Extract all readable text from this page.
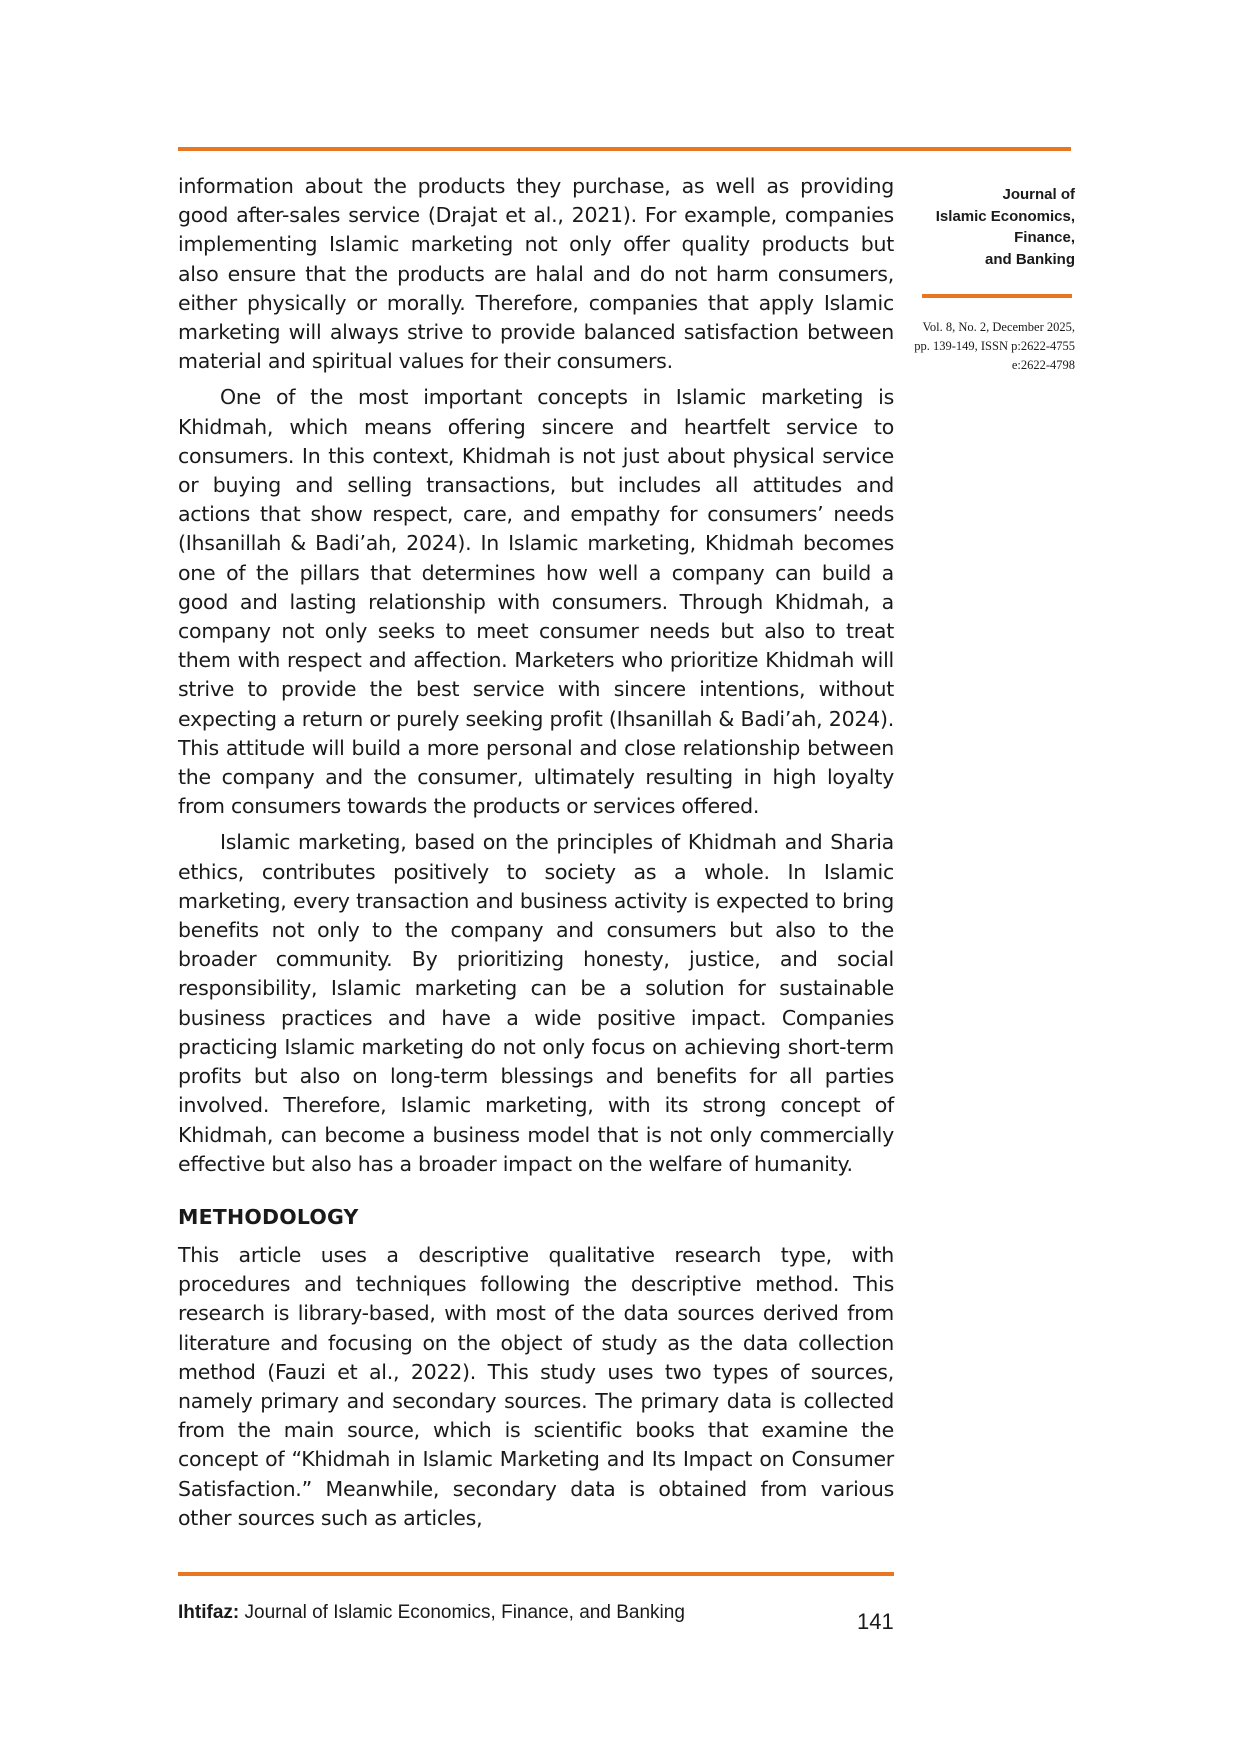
information about the products they purchase, as well as providing good after-sales service (Drajat et al., 2021). For example, companies implementing Islamic marketing not only offer quality products but also ensure that the products are halal and do not harm consumers, either physically or morally. Therefore, companies that apply Islamic marketing will always strive to provide balanced satisfaction between material and spiritual values for their consumers.

One of the most important concepts in Islamic marketing is Khidmah, which means offering sincere and heartfelt service to consumers. In this context, Khidmah is not just about physical service or buying and selling transactions, but includes all attitudes and actions that show respect, care, and empathy for consumers’ needs (Ihsanillah & Badi’ah, 2024). In Islamic marketing, Khidmah becomes one of the pillars that determines how well a company can build a good and lasting relationship with consumers. Through Khidmah, a company not only seeks to meet consumer needs but also to treat them with respect and affection. Marketers who prioritize Khidmah will strive to provide the best service with sincere intentions, without expecting a return or purely seeking profit (Ihsanillah & Badi’ah, 2024). This attitude will build a more personal and close relationship between the company and the consumer, ultimately resulting in high loyalty from consumers towards the products or services offered.

Islamic marketing, based on the principles of Khidmah and Sharia ethics, contributes positively to society as a whole. In Islamic marketing, every transaction and business activity is expected to bring benefits not only to the company and consumers but also to the broader community. By prioritizing honesty, justice, and social responsibility, Islamic marketing can be a solution for sustainable business practices and have a wide positive impact. Companies practicing Islamic marketing do not only focus on achieving short-term profits but also on long-term blessings and benefits for all parties involved. Therefore, Islamic marketing, with its strong concept of Khidmah, can become a business model that is not only commercially effective but also has a broader impact on the welfare of humanity.

METHODOLOGY

This article uses a descriptive qualitative research type, with procedures and techniques following the descriptive method. This research is library-based, with most of the data sources derived from literature and focusing on the object of study as the data collection method (Fauzi et al., 2022). This study uses two types of sources, namely primary and secondary sources. The primary data is collected from the main source, which is scientific books that examine the concept of “Khidmah in Islamic Marketing and Its Impact on Consumer Satisfaction.” Meanwhile, secondary data is obtained from various other sources such as articles,

Journal of

Islamic Economics,

Finance,

and Banking

Vol. 8, No. 2, December 2025,
pp. 139-149, ISSN p:2622-4755
e:2622-4798
Ihtifaz: Journal of Islamic Economics, Finance, and Banking	141
